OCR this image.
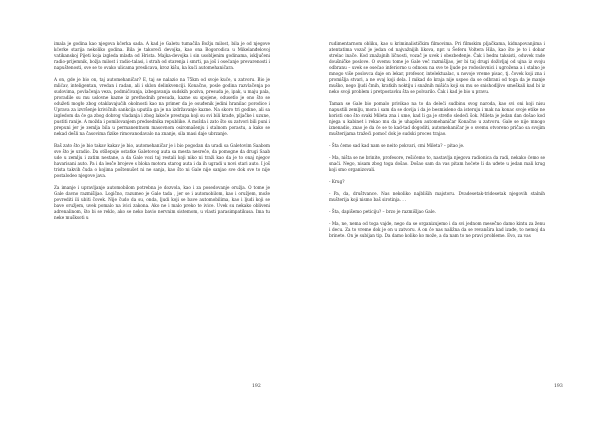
imala je godina kao njegova kćerka sada. A kad je Galetu tumačila Božju milost, bila je od njegove kćerke starija nekoliko godina. Bila je takoreći devojka, kao ona Bogorodica u Mikelanđelovoj vatikanskoj Pijeti koja izgleda mlađa od Hrista. Majka-devojka i sin usobljenim godinama, isključeni radio-prijemnik, božja milost i radio-talasi, i strah od starenja i smrti, pa još i osećanje prevarenosti i napuštenosti, sve se to ovako ulicama preslicava, kroz kišu, ka kući automehaničara.

A on, gde je bio on, taj automehaničar? E, taj se nalazio na 75km od svoje kuće, u zatvoru. Bio je mlićav, inteligentan, vredan i radan, ali i sklon delinkvenciji. Konačno, posle godina razvlačenja po sudovima, povlačenja veza, podmićivanja, izbegavanja sudskih poziva, presuda je, ipak, u maju pala, proradile su mu uslovne kazne iz prethodnih presuda, kazne su spojene, odusetlo je ono što se odužeti mogło zbog otaklavajućih okolnosti kao na primer da je osuđenik jedini hranilac porodice i Uprava za izvršenje krivičnih sankcija uputila ga je na izdržavanje kazne. Na skoro tri godine, ali sa izgledom da će ga zbog dobrog vladanja i zbog lakoće prestupa koji su svi bili krađe, pljačke i uzune, pustiti ranije. A možda i pomilovanjem predsednika republike. A možda i zato što su zatvori bili puni i prepuni jer je zemlja bila u permanentnom masovnom osiromašenju i stalnom porastu, a kako se nekad dešli na časovima fizike rimovanodavalo na znanje, sila masi daje ubrzanje.

Baš zato što je bio takav kakav je bio, automehaničar je i bio pogodan da uradi sa Galetovim Saabom sve što je uradio. Da otšlepuje ostatke Galetovog auta sa mesta nesreće, da pomogne da drugi Saab ude u zemlju i zatim nestane, a da Gale vozi taj restali koji niko ni traži kao da je to onaj njegov havarisani auto. Pa i da lesče brojeve s bloka motora starog auta i da ih ugradi u novi stari auto. I još trista takvih čuda o kojima poštenušet ni ne sanja, kao što ni Gale nije sanjao sve dok sve to nije postalodeo njegove java.

Za imanje i upravljanje automobilom potrebna je dozvola, kao i za posedovanje oružja. O tome je Gale davno razmišljao. Logično, razumeo je Gale tada , jer se i automobilom, kao i oružjem, može povrediti ili ubiti čovek. Nije čudo da su, onda, ljudi koji se bave automobilima, kao i ljudi koji se bave oružjem, uvek pomalo na ivici zakona. Ako ne i malo preko te ivice. Uvek su nekako obliveni adrenalinom, što bi se reklo, ako se neko bavio nervnim sistemom, u vlasti parasimpatikusa. Ima tu neke mušksoti u

192

rudimentarnom obliku, kao u kriminalističkim filmovima. Pri filmskim pljačkama, kidnapovanjima i atentatima vozač je jedan od najvažnijih likova, npr. u Šeferu Voltera Hila, kao što je to i dobar strelac inače. Kod znažajnih ličnosti, vozač je uvek i obezbeđenje. Čak i bednı taksisti, oduvek rade doušničke poslove. O svemu tome je Gale već razmišljao, jer bi taj drugi doživljaj od ujna iz svoju odbranu – uvek se osećao inferiorno u odnosu na sve te ljude po rodoslovnici i ugrožena a i stalno je mnogo više poslovca daje on lekar, profesor, intelektualac, u novoje vreme pisac, tj. čovek koji zna i promišlja stvari, a ne ovaj koji dela. I mikad do kraja nije uspeo da se odbrani od toga da je manje muško, nego ljudi čmih, kratkih noktiju i snažnih mišića koji su mu se snishodljivo smeškali kad bi iz neko svoji problem i pretpostavku šta se polvarilo. Čak i kad je bio u pravu.

Taman se Gale bio pomalo privikao na to da deleći sudbinu svog naroda, kao svi oni koji nisu napustili zemlju, mora i sam da se dovija i da je besmisleno da isteruju i mak na konac svoje etike ne koristi ono što svaki Mileta zna i ume, kad li ga je strefio sledeći šok. Mileta je jedan dan došao kod njega u kabinet i rekao mu da je uhapšen automehaničar Konačno u zatvoru. Gale se nije mnogo iznenadio, znao je da će se to kad-tad dogoditi, automehaničar je o svemu otvoreno pričao sa svojim mušterijama tražeći pomoć dok je sudski proces trajao.

- Šta ćemo sad kad nam se neito pokvari, cmi Mileta? – pitao je.

- Ma, ništa se ne brinite, profesore, rešićemo to, nastavlja njegova radionica da radi, nekako ćemo se snaći. Nego, nisam zbog toga došao. Došao sam da vas pitam hoćete li da uđete u jedan mali krug koji smo organizovali.

- Krug?

- Pa, da, društvance. Nas nekoliko najbliših majstoru. Dvadesetak-tridesetak njegovih stalnih mušterija koji nismo baš sirotinja. . .

- Šta, dapišemo peticiju? – brzo je razmišljao Gale.

- Ma, ne, nema od toga vajde, nego da se organizujemo i da svi jednom mesečno damo kintu za ženu i decu. Za to vreme dok je on u zatvoru. A on će nas naližna da se revanšira kad izađe, to nemoj da brinete. On je subijan tip. Da damo koliko ko može, a da nam to ne pravi probleme. Evo, za vas

193
